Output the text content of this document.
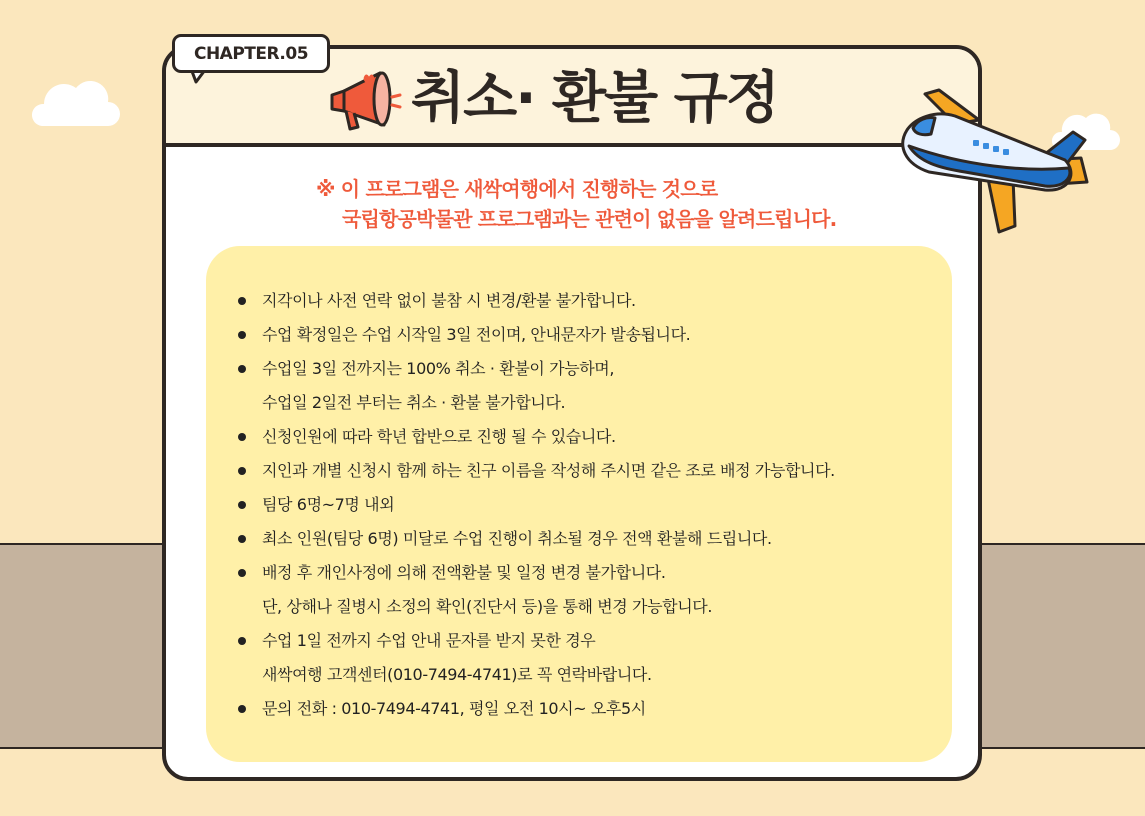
취소· 환불 규정

※ 이 프로그램은 새싹여행에서 진행하는 것으로
국립항공박물관 프로그램과는 관련이 없음을 알려드립니다.

지각이나 사전 연락 없이 불참 시 변경/환불 불가합니다.
수업 확정일은 수업 시작일 3일 전이며, 안내문자가 발송됩니다.
수업일 3일 전까지는 100% 취소 · 환불이 가능하며,
수업일 2일전 부터는 취소 · 환불 불가합니다.
신청인원에 따라 학년 합반으로 진행 될 수 있습니다.
지인과 개별 신청시 함께 하는 친구 이름을 작성해 주시면 같은 조로 배정 가능합니다.
팀당 6명~7명 내외
최소 인원(팀당 6명) 미달로 수업 진행이 취소될 경우 전액 환불해 드립니다.
배정 후 개인사정에 의해 전액환불 및 일정 변경 불가합니다.
단, 상해나 질병시 소정의 확인(진단서 등)을 통해 변경 가능합니다.
수업 1일 전까지 수업 안내 문자를 받지 못한 경우
새싹여행 고객센터(010-7494-4741)로 꼭 연락바랍니다.
문의 전화 : 010-7494-4741, 평일 오전 10시~ 오후5시
CHAPTER.05
